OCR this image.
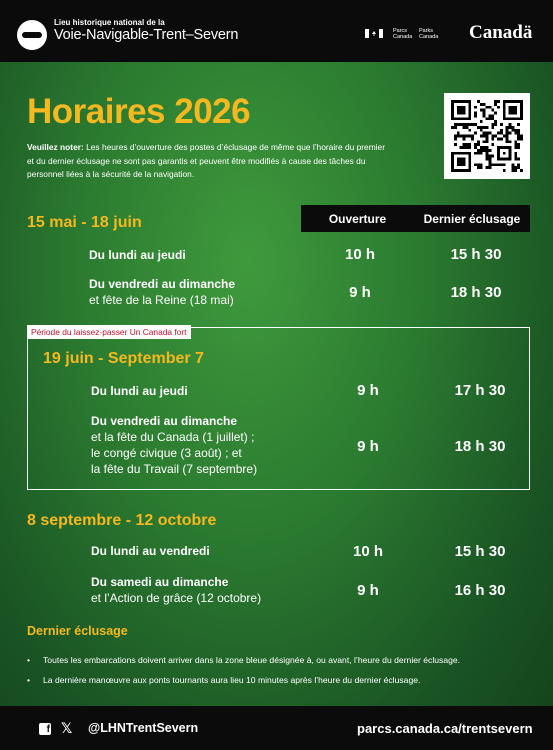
Lieu historique national de la
Voie-Navigable-Trent–Severn	Parcs
Canada
Parks
Canada Canadä
Horaires 2026
Veuillez noter: Les heures d’ouverture des postes d’éclusage de même que l’horaire du premier et du dernier éclusage ne sont pas garantis et peuvent être modifiés à cause des tâches du personnel liées à la sécurité de la navigation.
15 mai - 18 juin	Ouverture	Dernier éclusage
Du lundi au jeudi	10 h	15 h 30
Du vendredi au dimanche
et fête de la Reine (18 mai)	9 h	18 h 30
Période du laissez-passer Un Canada fort
19 juin - September 7
Du lundi au jeudi	9 h	17 h 30
Du vendredi au dimanche
et la fête du Canada (1 juillet) ;
le congé civique (3 août) ; et
la fête du Travail (7 septembre)
9 h	18 h 30
8 septembre - 12 octobre
Du lundi au vendredi	10 h	15 h 30
Du samedi au dimanche
et l’Action de grâce (12 octobre)	9 h	16 h 30
Dernier éclusage
• Toutes les embarcations doivent arriver dans la zone bleue désignée à, ou avant, l’heure du dernier éclusage.
• La dernière manœuvre aux ponts tournants aura lieu 10 minutes après l’heure du dernier éclusage.
f 𝕏 @LHNTrentSevern	parcs.canada.ca/trentsevern
